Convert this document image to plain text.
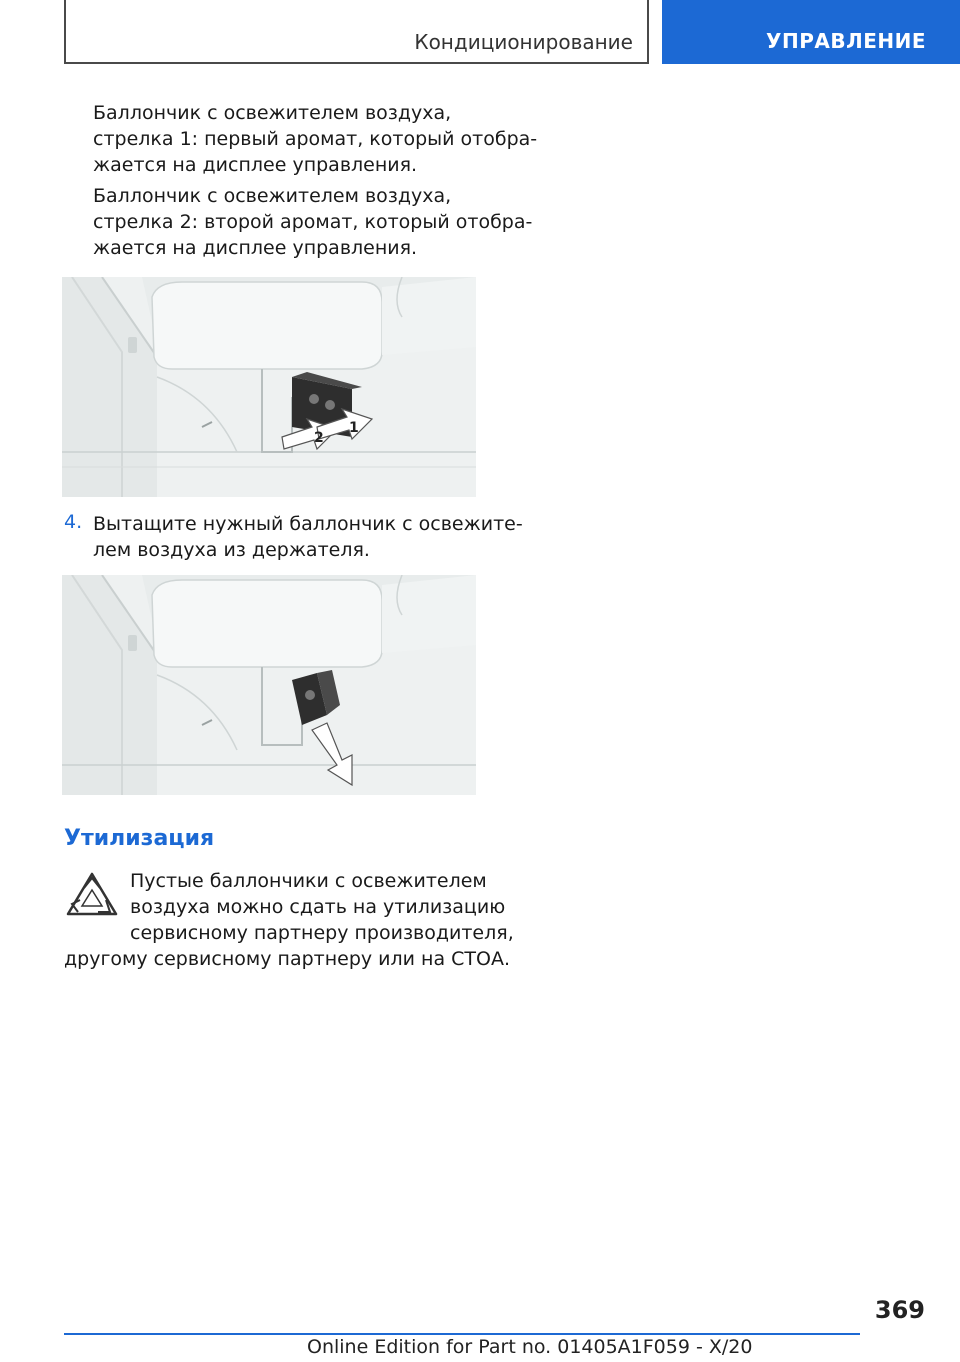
Кондиционирование	УПРАВЛЕНИЕ

Баллончик с освежителем воздуха,
стрелка 1: первый аромат, который отобра-
жается на дисплее управления.

Баллончик с освежителем воздуха,
стрелка 2: второй аромат, который отобра-
жается на дисплее управления.

2
1
4. Вытащите нужный баллончик с освежите-
лем воздуха из держателя.

Утилизация

Пустые баллончики с освежителем
воздуха можно сдать на утилизацию
сервисному партнеру производителя,

другому сервисному партнеру или на СТОА.

369
Online Edition for Part no. 01405A1F059 - X/20
